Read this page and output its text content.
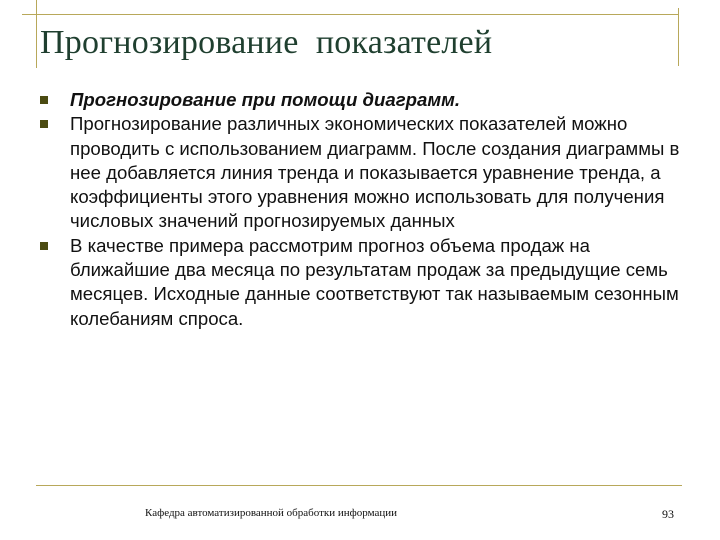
Прогнозирование  показателей
Прогнозирование при помощи диаграмм.
Прогнозирование различных экономических показателей можно проводить с использованием диаграмм. После создания диаграммы в нее добавляется линия тренда и показывается уравнение тренда, а коэффициенты этого уравнения можно использовать для получения числовых значений прогнозируемых данных
В качестве примера рассмотрим прогноз объема продаж на ближайшие два месяца по результатам продаж за предыдущие семь месяцев. Исходные данные соответствуют так называемым сезонным колебаниям спроса.
Кафедра автоматизированной обработки информации	93
